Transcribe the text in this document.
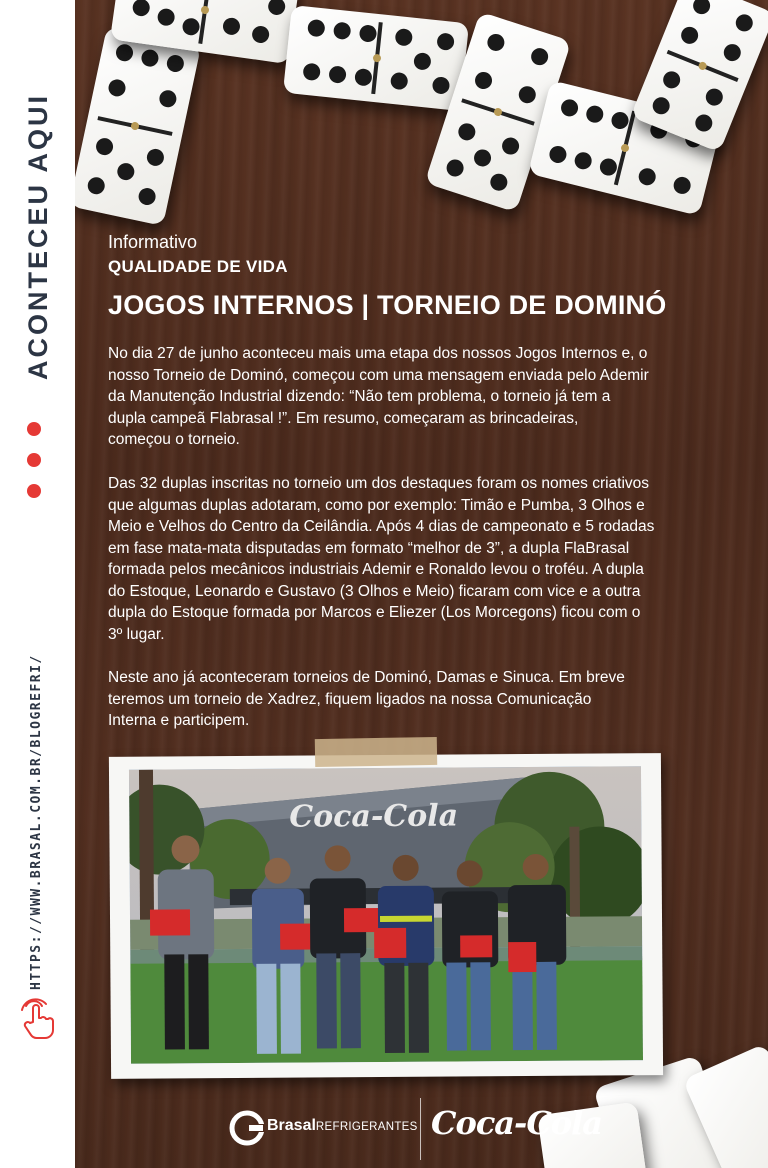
ACONTECEU AQUI
HTTPS://WWW.BRASAL.COM.BR/BLOGREFRI/
Informativo
QUALIDADE DE VIDA
JOGOS INTERNOS | TORNEIO DE DOMINÓ
No dia 27 de junho aconteceu mais uma etapa dos nossos Jogos Internos e, o
nosso Torneio de Dominó, começou com uma mensagem enviada pelo Ademir
da Manutenção Industrial dizendo: “Não tem problema, o torneio já tem a
dupla campeã Flabrasal !”. Em resumo, começaram as brincadeiras,
começou o torneio.
Das 32 duplas inscritas no torneio um dos destaques foram os nomes criativos
que algumas duplas adotaram, como por exemplo: Timão e Pumba, 3 Olhos e
Meio e Velhos do Centro da Ceilândia. Após 4 dias de campeonato e 5 rodadas
em fase mata-mata disputadas em formato “melhor de 3”, a dupla FlaBrasal
formada pelos mecânicos industriais Ademir e Ronaldo levou o troféu. A dupla
do Estoque, Leonardo e Gustavo (3 Olhos e Meio) ficaram com vice e a outra
dupla do Estoque formada por Marcos e Eliezer (Los Morcegons) ficou com o
3º lugar.
Neste ano já aconteceram torneios de Dominó, Damas e Sinuca. Em breve
teremos um torneio de Xadrez, fiquem ligados na nossa Comunicação
Interna e participem.
Coca-Cola
BrasalREFRIGERANTES Coca-Cola
